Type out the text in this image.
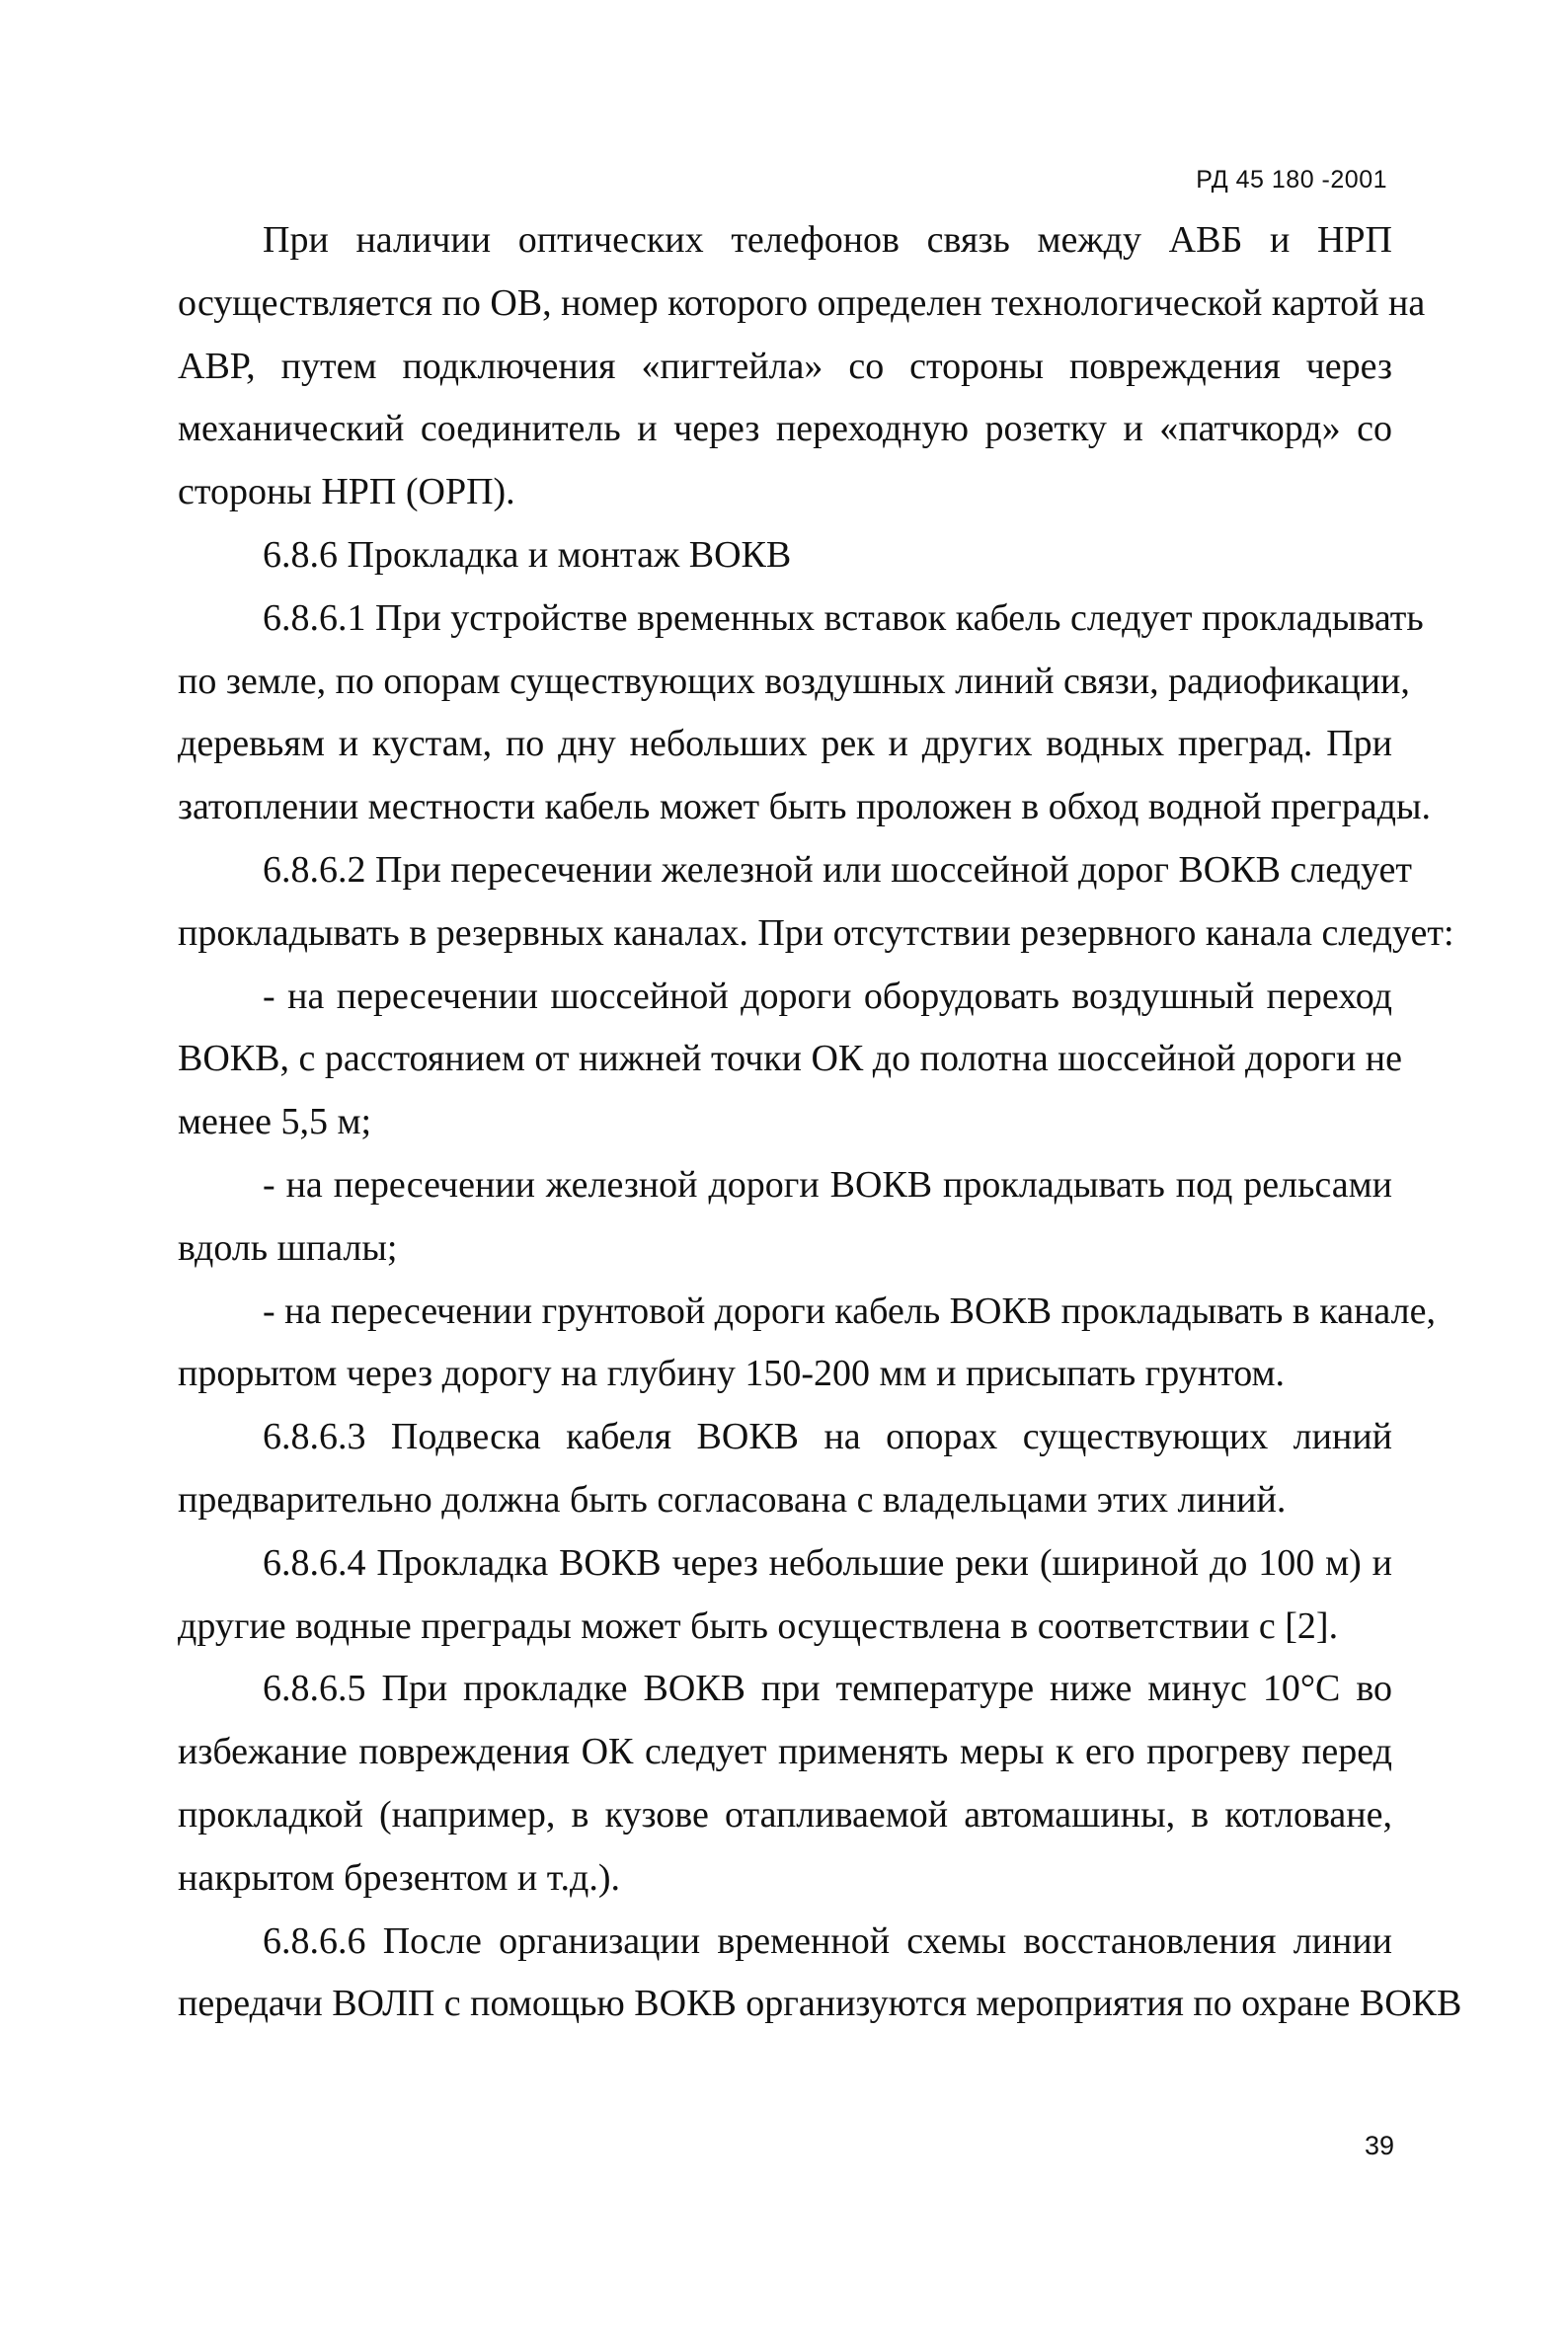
РД 45 180 -2001
При наличии оптических телефонов связь между АВБ и НРП
осуществляется по ОВ, номер которого определен технологической картой на
АВР, путем подключения «пигтейла» со стороны повреждения через
механический соединитель и через переходную розетку и «патчкорд» со
стороны НРП (ОРП).
6.8.6 Прокладка и монтаж ВОКВ
6.8.6.1 При устройстве временных вставок кабель следует прокладывать
по земле, по опорам существующих воздушных линий связи, радиофикации,
деревьям и кустам, по дну небольших рек и других водных преград. При
затоплении местности кабель может быть проложен в обход водной преграды.
6.8.6.2 При пересечении железной или шоссейной дорог ВОКВ следует
прокладывать в резервных каналах. При отсутствии резервного канала следует:
- на пересечении шоссейной дороги оборудовать воздушный переход
ВОКВ, с расстоянием от нижней точки ОК до полотна шоссейной дороги не
менее 5,5 м;
- на пересечении железной дороги ВОКВ прокладывать под рельсами
вдоль шпалы;
- на пересечении грунтовой дороги кабель ВОКВ прокладывать в канале,
прорытом через дорогу на глубину 150-200 мм и присыпать грунтом.
6.8.6.3 Подвеска кабеля ВОКВ на опорах существующих линий
предварительно должна быть согласована с владельцами этих линий.
6.8.6.4 Прокладка ВОКВ через небольшие реки (шириной до 100 м) и
другие водные преграды может быть осуществлена в соответствии с [2].
6.8.6.5 При прокладке ВОКВ при температуре ниже минус 10°С во
избежание повреждения ОК следует применять меры к его прогреву перед
прокладкой (например, в кузове отапливаемой автомашины, в котловане,
накрытом брезентом и т.д.).
6.8.6.6 После организации временной схемы восстановления линии
передачи ВОЛП с помощью ВОКВ организуются мероприятия по охране ВОКВ
39
